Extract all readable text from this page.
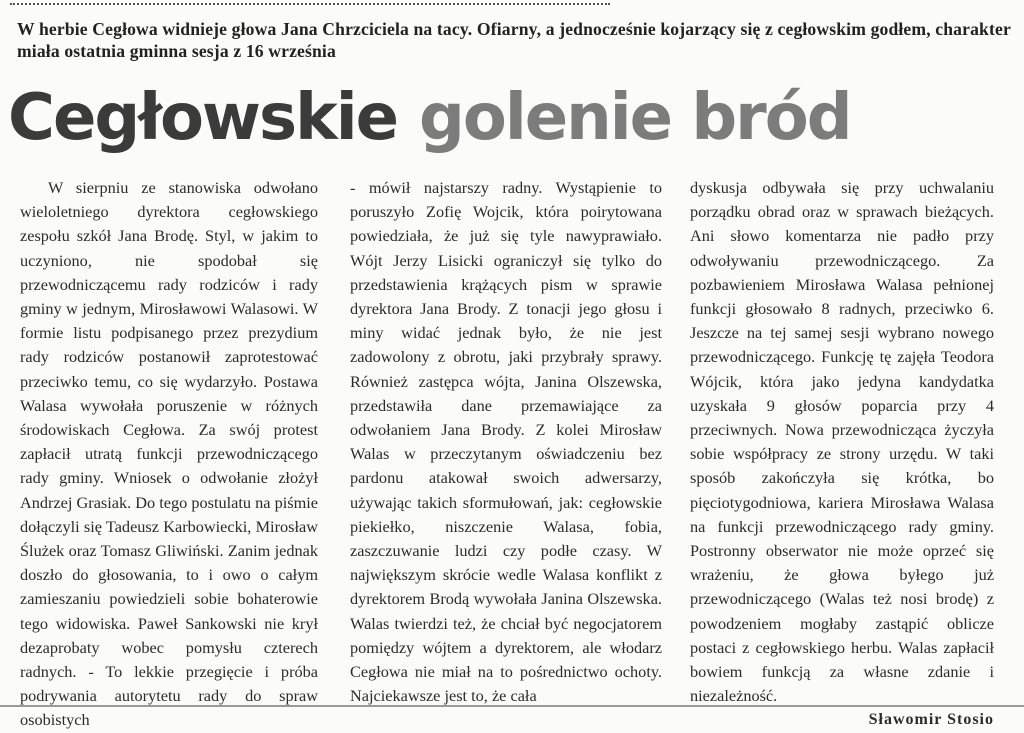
W herbie Cegłowa widnieje głowa Jana Chrzciciela na tacy. Ofiarny, a jednocześnie kojarzący się z cegłowskim godłem, charakter miała ostatnia gminna sesja z 16 września
Cegłowskie golenie bród

W sierpniu ze stanowiska odwołano wieloletniego dyrektora cegłowskiego zespołu szkół Jana Brodę. Styl, w jakim to uczyniono, nie spodobał się przewodniczącemu rady rodziców i rady gminy w jednym, Mirosławowi Walasowi. W formie listu podpisanego przez prezydium rady rodziców postanowił zaprotestować przeciwko temu, co się wydarzyło. Postawa Walasa wywołała poruszenie w różnych środowiskach Cegłowa. Za swój protest zapłacił utratą funkcji przewodniczącego rady gminy. Wniosek o odwołanie złożył Andrzej Grasiak. Do tego postulatu na piśmie dołączyli się Tadeusz Karbowiecki, Mirosław Ślużek oraz Tomasz Gliwiński. Zanim jednak doszło do głosowania, to i owo o całym zamieszaniu powiedzieli sobie bohaterowie tego widowiska. Paweł Sankowski nie krył dezaprobaty wobec pomysłu czterech radnych. - To lekkie przegięcie i próba podrywania autorytetu rady do spraw osobistych

- mówił najstarszy radny. Wystąpienie to poruszyło Zofię Wojcik, która poirytowana powiedziała, że już się tyle nawyprawiało. Wójt Jerzy Lisicki ograniczył się tylko do przedstawienia krążących pism w sprawie dyrektora Jana Brody. Z tonacji jego głosu i miny widać jednak było, że nie jest zadowolony z obrotu, jaki przybrały sprawy. Również zastępca wójta, Janina Olszewska, przedstawiła dane przemawiające za odwołaniem Jana Brody. Z kolei Mirosław Walas w przeczytanym oświadczeniu bez pardonu atakował swoich adwersarzy, używając takich sformułowań, jak: cegłowskie piekiełko, niszczenie Walasa, fobia, zaszczuwanie ludzi czy podłe czasy. W największym skrócie wedle Walasa konflikt z dyrektorem Brodą wywołała Janina Olszewska. Walas twierdzi też, że chciał być negocjatorem pomiędzy wójtem a dyrektorem, ale włodarz Cegłowa nie miał na to pośrednictwo ochoty. Najciekawsze jest to, że cała

dyskusja odbywała się przy uchwalaniu porządku obrad oraz w sprawach bieżących. Ani słowo komentarza nie padło przy odwoływaniu przewodniczącego. Za pozbawieniem Mirosława Walasa pełnionej funkcji głosowało 8 radnych, przeciwko 6. Jeszcze na tej samej sesji wybrano nowego przewodniczącego. Funkcję tę zajęła Teodora Wójcik, która jako jedyna kandydatka uzyskała 9 głosów poparcia przy 4 przeciwnych. Nowa przewodnicząca życzyła sobie współpracy ze strony urzędu. W taki sposób zakończyła się krótka, bo pięciotygodniowa, kariera Mirosława Walasa na funkcji przewodniczącego rady gminy. Postronny obserwator nie może oprzeć się wrażeniu, że głowa byłego już przewodniczącego (Walas też nosi brodę) z powodzeniem mogłaby zastąpić oblicze postaci z cegłowskiego herbu. Walas zapłacił bowiem funkcją za własne zdanie i niezależność.

Sławomir Stosio
